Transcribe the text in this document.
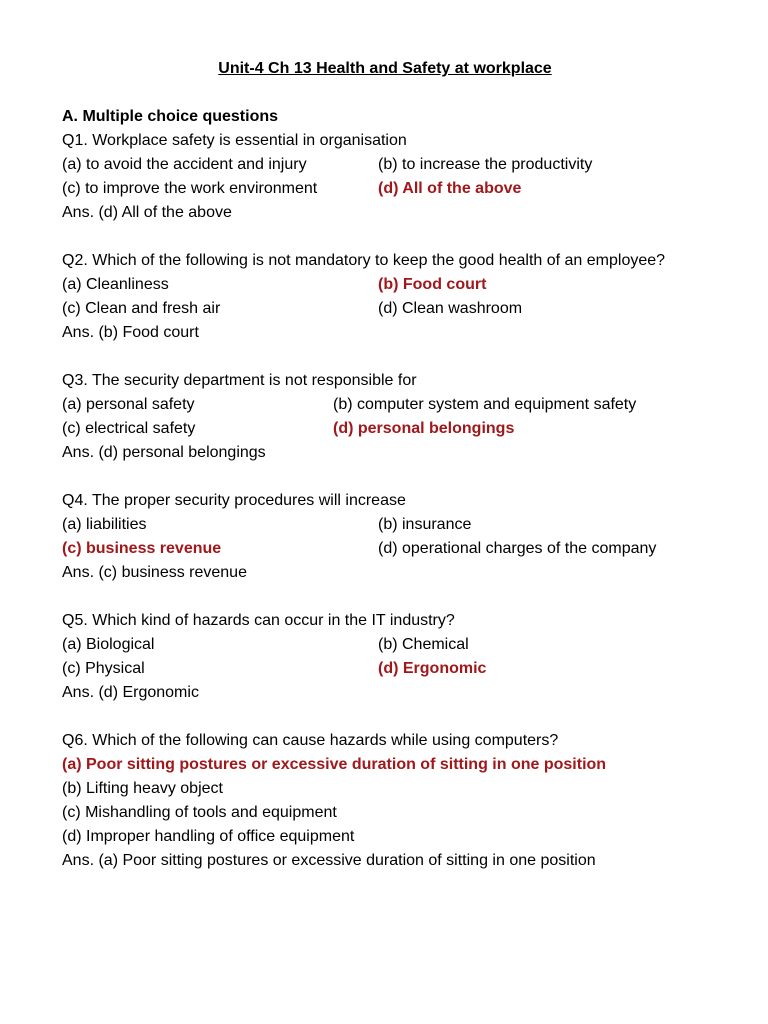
Unit-4 Ch 13 Health and Safety at workplace
A. Multiple choice questions
Q1. Workplace safety is essential in organisation
(a) to avoid the accident and injury	(b) to increase the productivity
(c) to improve the work environment	(d) All of the above
Ans. (d) All of the above
Q2. Which of the following is not mandatory to keep the good health of an employee?
(a) Cleanliness	(b) Food court
(c) Clean and fresh air	(d) Clean washroom
Ans. (b) Food court
Q3. The security department is not responsible for
(a) personal safety	(b) computer system and equipment safety
(c) electrical safety	(d) personal belongings
Ans. (d) personal belongings
Q4. The proper security procedures will increase
(a) liabilities	(b) insurance
(c) business revenue	(d) operational charges of the company
Ans. (c) business revenue
Q5. Which kind of hazards can occur in the IT industry?
(a) Biological	(b) Chemical
(c) Physical	(d) Ergonomic
Ans. (d) Ergonomic
Q6. Which of the following can cause hazards while using computers?
(a) Poor sitting postures or excessive duration of sitting in one position
(b) Lifting heavy object
(c) Mishandling of tools and equipment
(d) Improper handling of office equipment
Ans. (a) Poor sitting postures or excessive duration of sitting in one position
